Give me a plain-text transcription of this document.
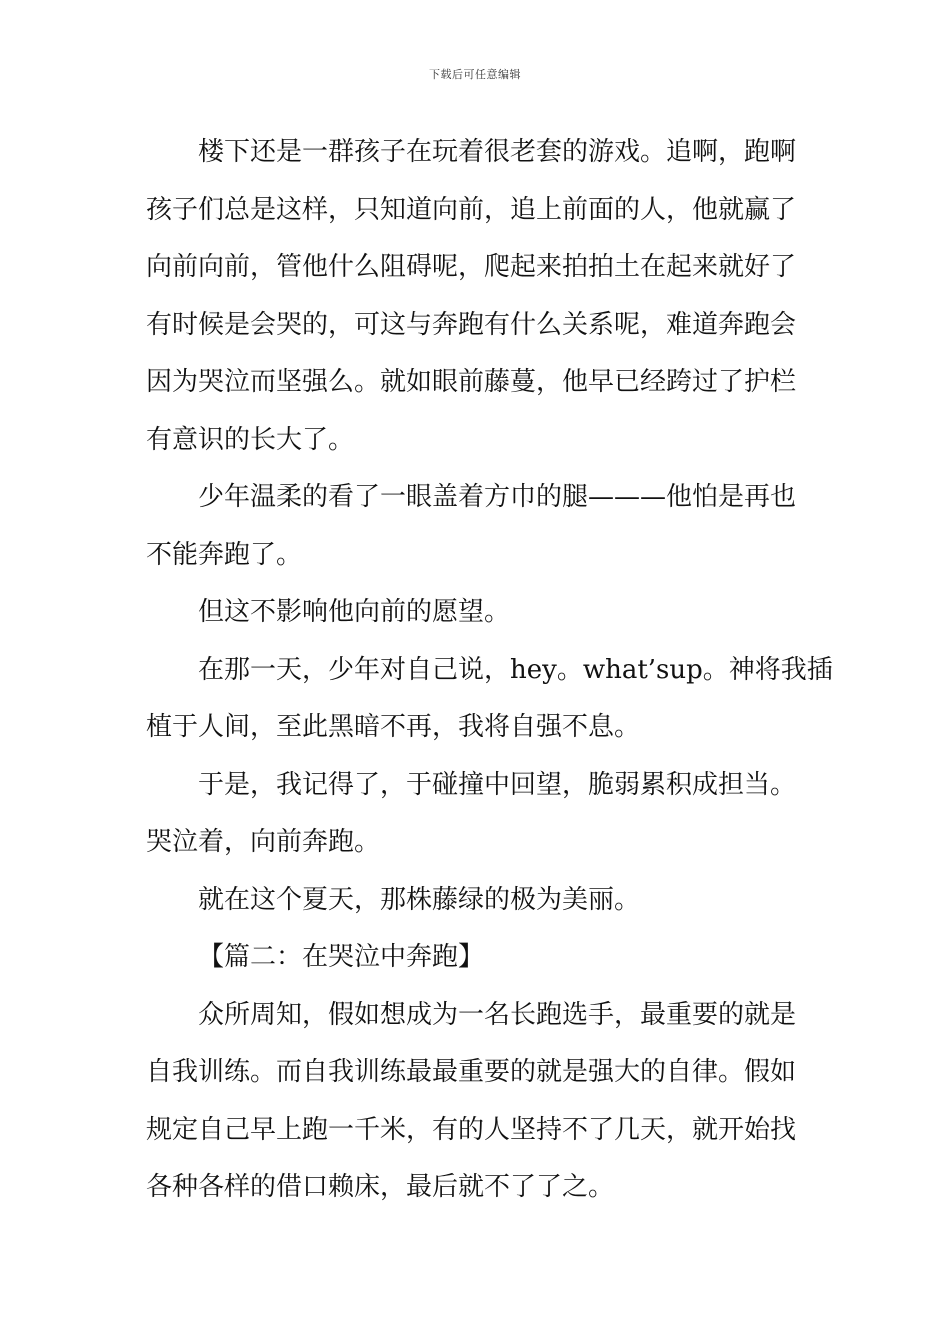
下载后可任意编辑

楼下还是一群孩子在玩着很老套的游戏。追啊，跑啊

孩子们总是这样，只知道向前，追上前面的人，他就赢了

向前向前，管他什么阻碍呢，爬起来拍拍土在起来就好了

有时候是会哭的，可这与奔跑有什么关系呢，难道奔跑会

因为哭泣而坚强么。就如眼前藤蔓，他早已经跨过了护栏

有意识的长大了。

少年温柔的看了一眼盖着方巾的腿———他怕是再也

不能奔跑了。

但这不影响他向前的愿望。

在那一天，少年对自己说，hey。what’sup。神将我插

植于人间，至此黑暗不再，我将自强不息。

于是，我记得了，于碰撞中回望，脆弱累积成担当。

哭泣着，向前奔跑。

就在这个夏天，那株藤绿的极为美丽。

【篇二：在哭泣中奔跑】

众所周知，假如想成为一名长跑选手，最重要的就是

自我训练。而自我训练最最重要的就是强大的自律。假如

规定自己早上跑一千米，有的人坚持不了几天，就开始找

各种各样的借口赖床，最后就不了了之。
